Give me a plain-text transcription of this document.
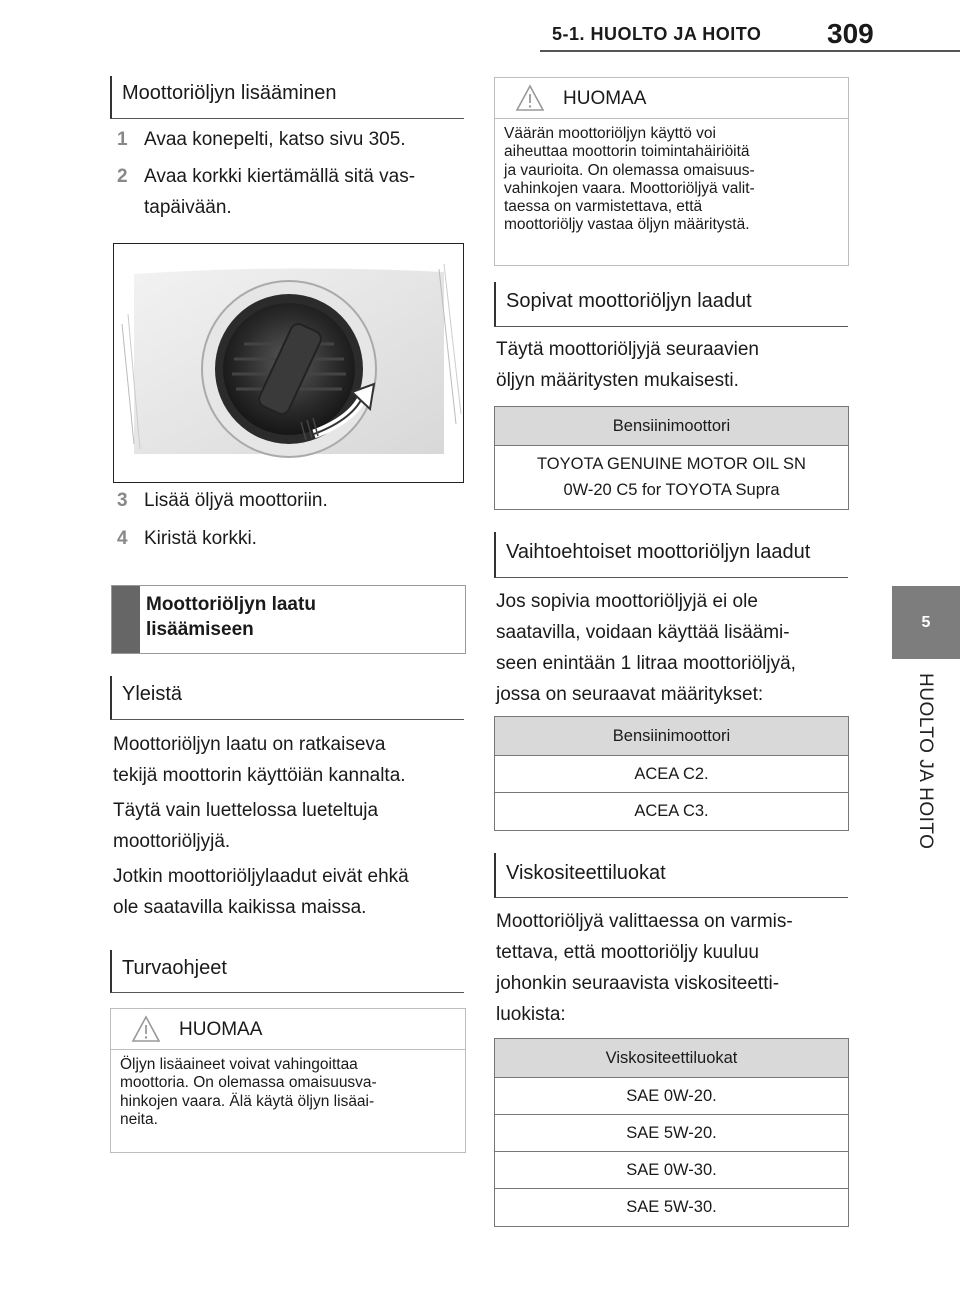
5-1. HUOLTO JA HOITO 309
5
HUOLTO JA HOITO
Moottoriöljyn lisääminen
1 Avaa konepelti, katso sivu 305.
2 Avaa korkki kiertämällä sitä vas-
tapäivään.
3 Lisää öljyä moottoriin.
4 Kiristä korkki.
Moottoriöljyn laatu
lisäämiseen
Yleistä
Moottoriöljyn laatu on ratkaiseva
tekijä moottorin käyttöiän kannalta.
Täytä vain luettelossa lueteltuja
moottoriöljyjä.
Jotkin moottoriöljylaadut eivät ehkä
ole saatavilla kaikissa maissa.
Turvaohjeet
HUOMAA
Öljyn lisäaineet voivat vahingoittaa
moottoria. On olemassa omaisuusva-
hinkojen vaara. Älä käytä öljyn lisäai-
neita.
HUOMAA
Väärän moottoriöljyn käyttö voi
aiheuttaa moottorin toimintahäiriöitä
ja vaurioita. On olemassa omaisuus-
vahinkojen vaara. Moottoriöljyä valit-
taessa on varmistettava, että
moottoriöljy vastaa öljyn määritystä.
Sopivat moottoriöljyn laadut
Täytä moottoriöljyjä seuraavien
öljyn määritysten mukaisesti.
Bensiinimoottori
TOYOTA GENUINE MOTOR OIL SN
0W-20 C5 for TOYOTA Supra
Vaihtoehtoiset moottoriöljyn laadut
Jos sopivia moottoriöljyjä ei ole
saatavilla, voidaan käyttää lisäämi-
seen enintään 1 litraa moottoriöljyä,
jossa on seuraavat määritykset:
Bensiinimoottori
ACEA C2.
ACEA C3.
Viskositeettiluokat
Moottoriöljyä valittaessa on varmis-
tettava, että moottoriöljy kuuluu
johonkin seuraavista viskositeetti-
luokista:
Viskositeettiluokat
SAE 0W-20.
SAE 5W-20.
SAE 0W-30.
SAE 5W-30.
